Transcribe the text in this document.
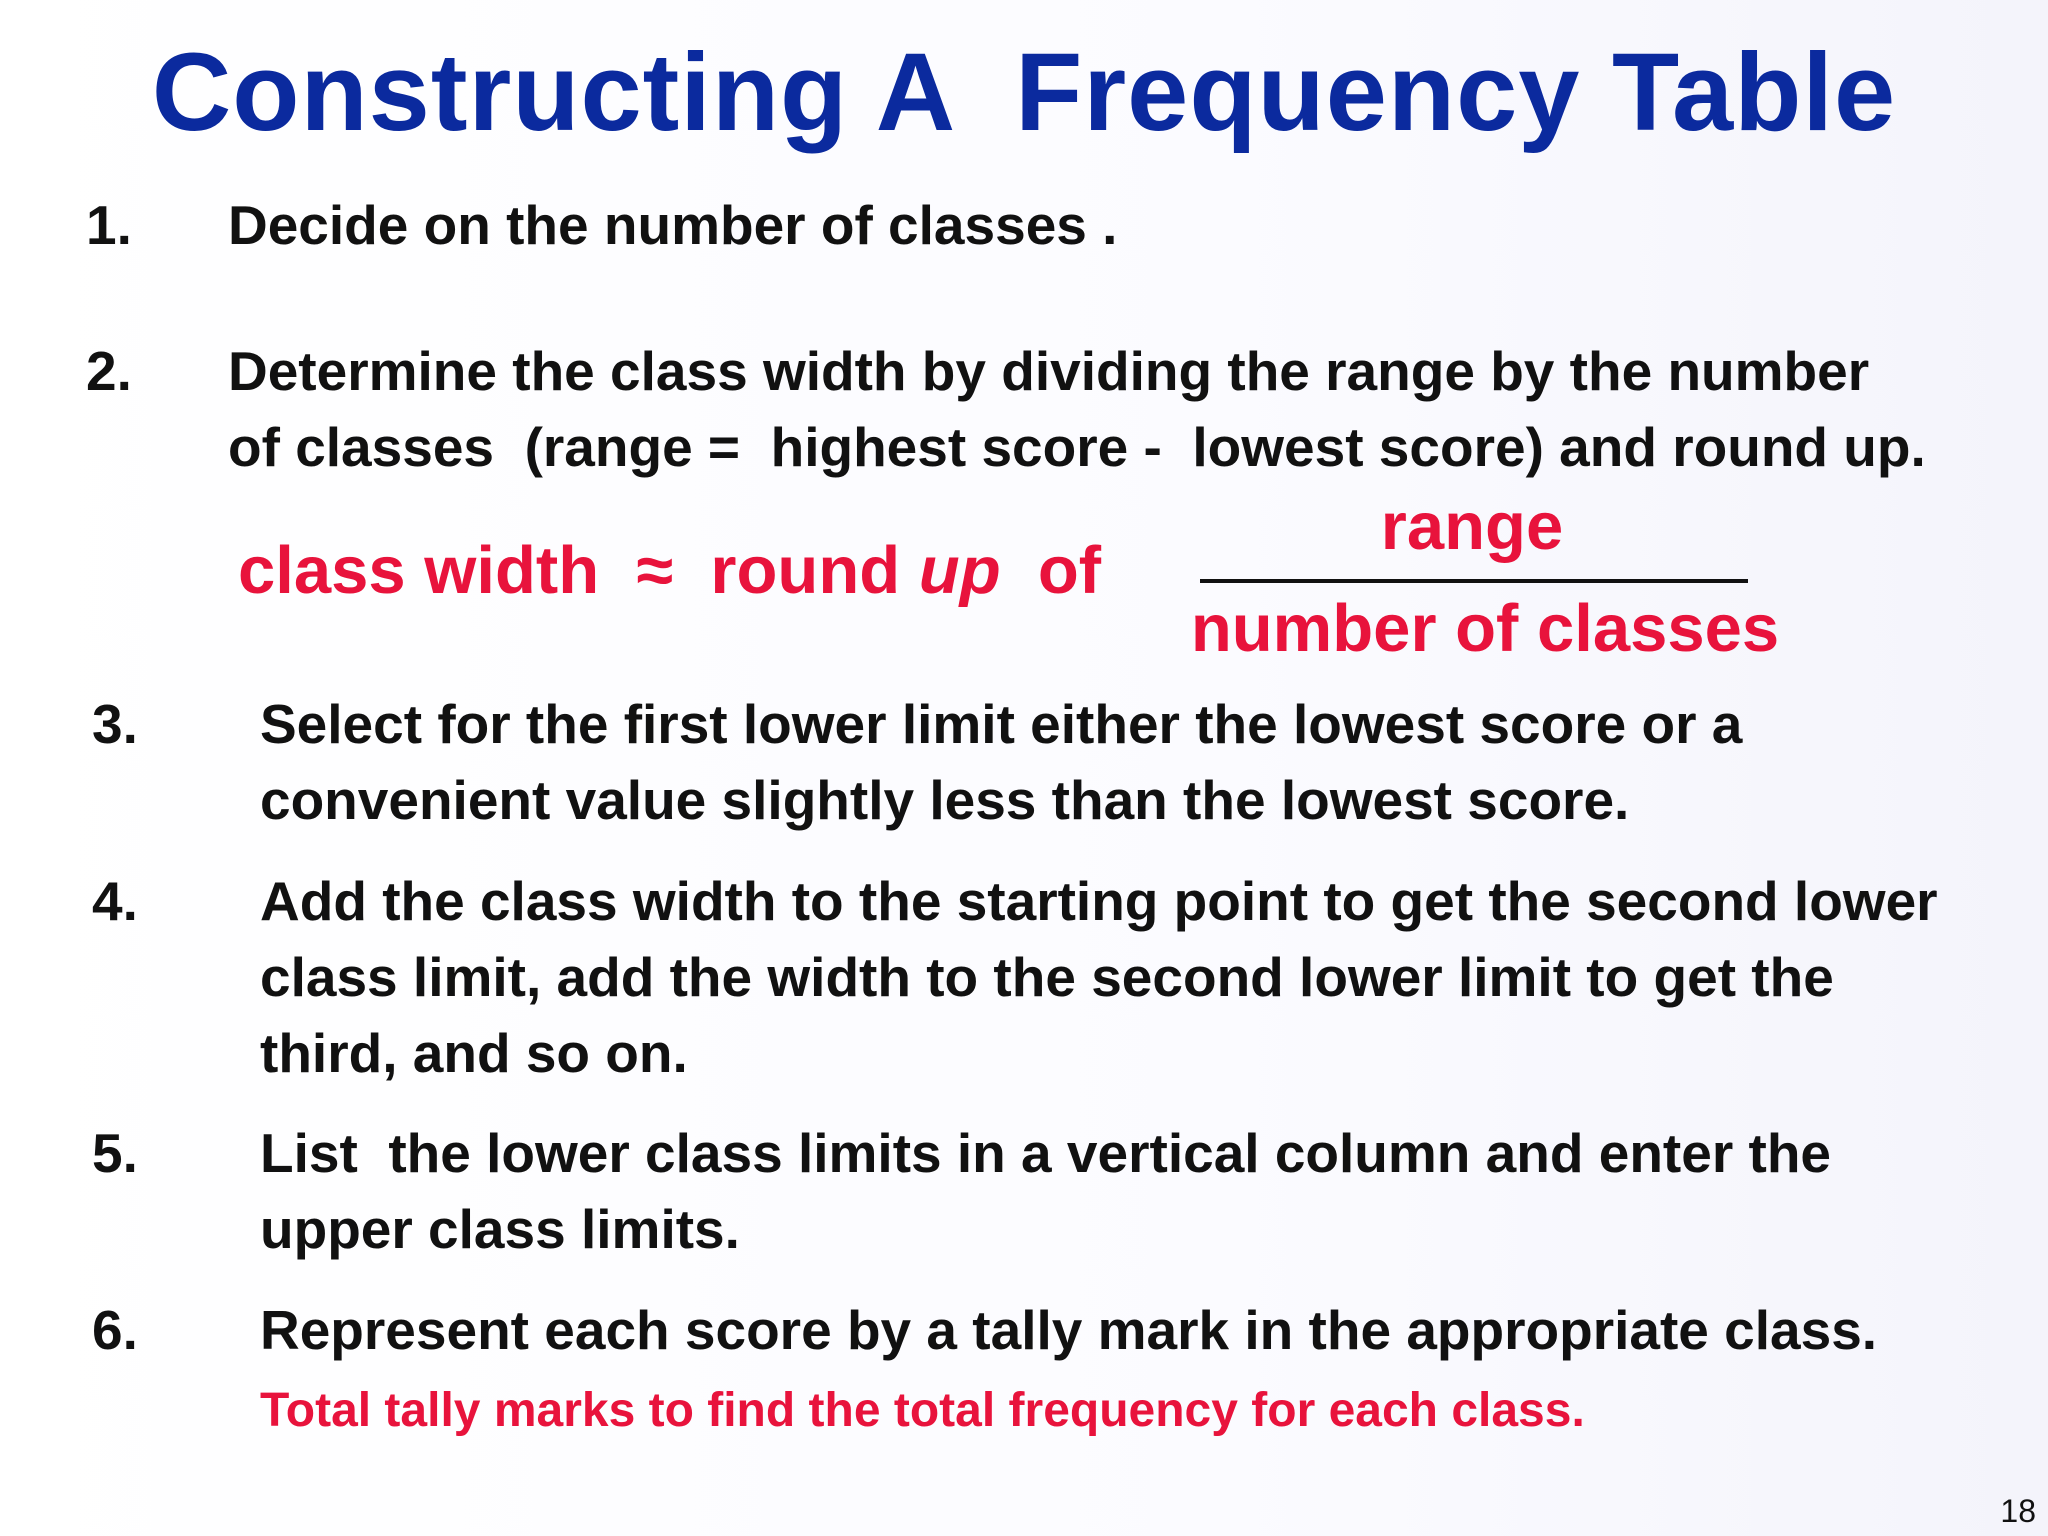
Constructing A  Frequency Table
1. Decide on the number of classes .
2. Determine the class width by dividing the range by the number
of classes  (range =  highest score -  lowest score) and round up.
class width  ≈  round up  of
range
number of classes
3. Select for the first lower limit either the lowest score or a
convenient value slightly less than the lowest score.
4. Add the class width to the starting point to get the second lower
class limit, add the width to the second lower limit to get the
third, and so on.
5. List  the lower class limits in a vertical column and enter the
upper class limits.
6. Represent each score by a tally mark in the appropriate class.
Total tally marks to find the total frequency for each class.
18
